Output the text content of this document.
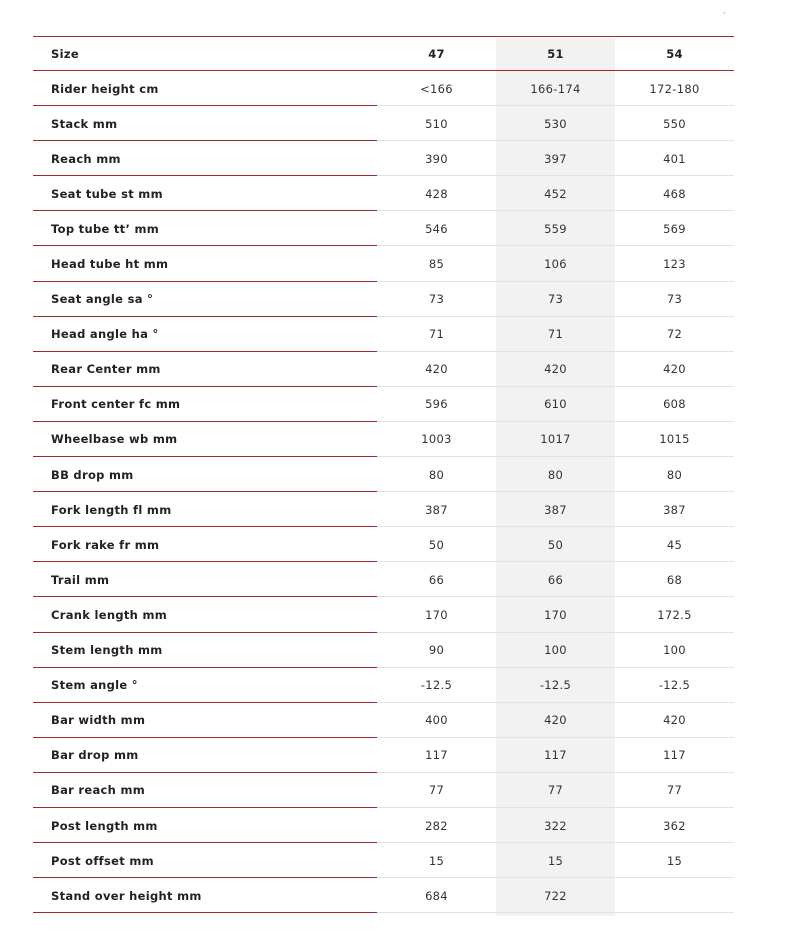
·
Size	47	51	54
Rider height cm	<166	166-174	172-180
Stack mm	510	530	550
Reach mm	390	397	401
Seat tube st mm	428	452	468
Top tube tt’ mm	546	559	569
Head tube ht mm	85	106	123
Seat angle sa °	73	73	73
Head angle ha °	71	71	72
Rear Center mm	420	420	420
Front center fc mm	596	610	608
Wheelbase wb mm	1003	1017	1015
BB drop mm	80	80	80
Fork length fl mm	387	387	387
Fork rake fr mm	50	50	45
Trail mm	66	66	68
Crank length mm	170	170	172.5
Stem length mm	90	100	100
Stem angle °	-12.5	-12.5	-12.5
Bar width mm	400	420	420
Bar drop mm	117	117	117
Bar reach mm	77	77	77
Post length mm	282	322	362
Post offset mm	15	15	15
Stand over height mm	684	722
